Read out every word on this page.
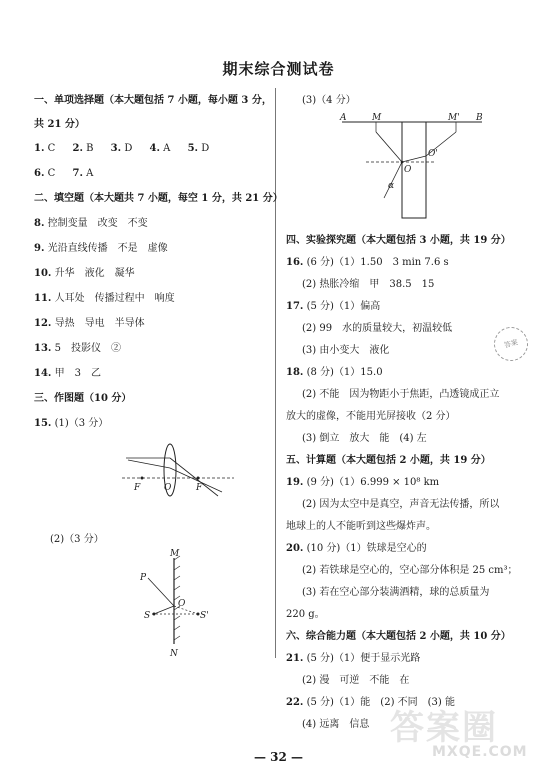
期末综合测试卷
一、单项选择题（本大题包括 7 小题，每小题 3 分，
共 21 分）
1. C 2. B 3. D 4. A 5. D
6. C 7. A
二、填空题（本大题共 7 小题，每空 1 分，共 21 分）
8. 控制变量　改变　不变
9. 光沿直线传播　不是　虚像
10. 升华　液化　凝华
11. 人耳处　传播过程中　响度
12. 导热　导电　半导体
13. 5　投影仪　②
14. 甲　3　乙
三、作图题（10 分）
15. (1)（3 分）
(2)（3 分）
F	O	F
M
P
S
O
S'
N
A	M	M' B
O
O'
α
(3)（4 分）
四、实验探究题（本大题包括 3 小题，共 19 分）
16. (6 分)（1）1.50　3 min 7.6 s
(2) 热胀冷缩　甲　38.5　15
17. (5 分)（1）偏高
(2) 99　水的质量较大，初温较低
(3) 由小变大　液化
18. (8 分)（1）15.0
(2) 不能　因为物距小于焦距，凸透镜成正立
放大的虚像，不能用光屏接收（2 分）
(3) 倒立　放大　能　(4) 左
五、计算题（本大题包括 2 小题，共 19 分）
19. (9 分)（1）6.999 × 10⁸ km
(2) 因为太空中是真空，声音无法传播，所以
地球上的人不能听到这些爆炸声。
20. (10 分)（1）铁球是空心的
(2) 若铁球是空心的，空心部分体积是 25 cm³；
(3) 若在空心部分装满酒精，球的总质量为
220 g。
六、综合能力题（本大题包括 2 小题，共 10 分）
21. (5 分)（1）便于显示光路
(2) 漫　可逆　不能　在
22. (5 分)（1）能　(2) 不同　(3) 能
(4) 远离　信息
答案
答案圈
MXQE.COM
— 32 —
